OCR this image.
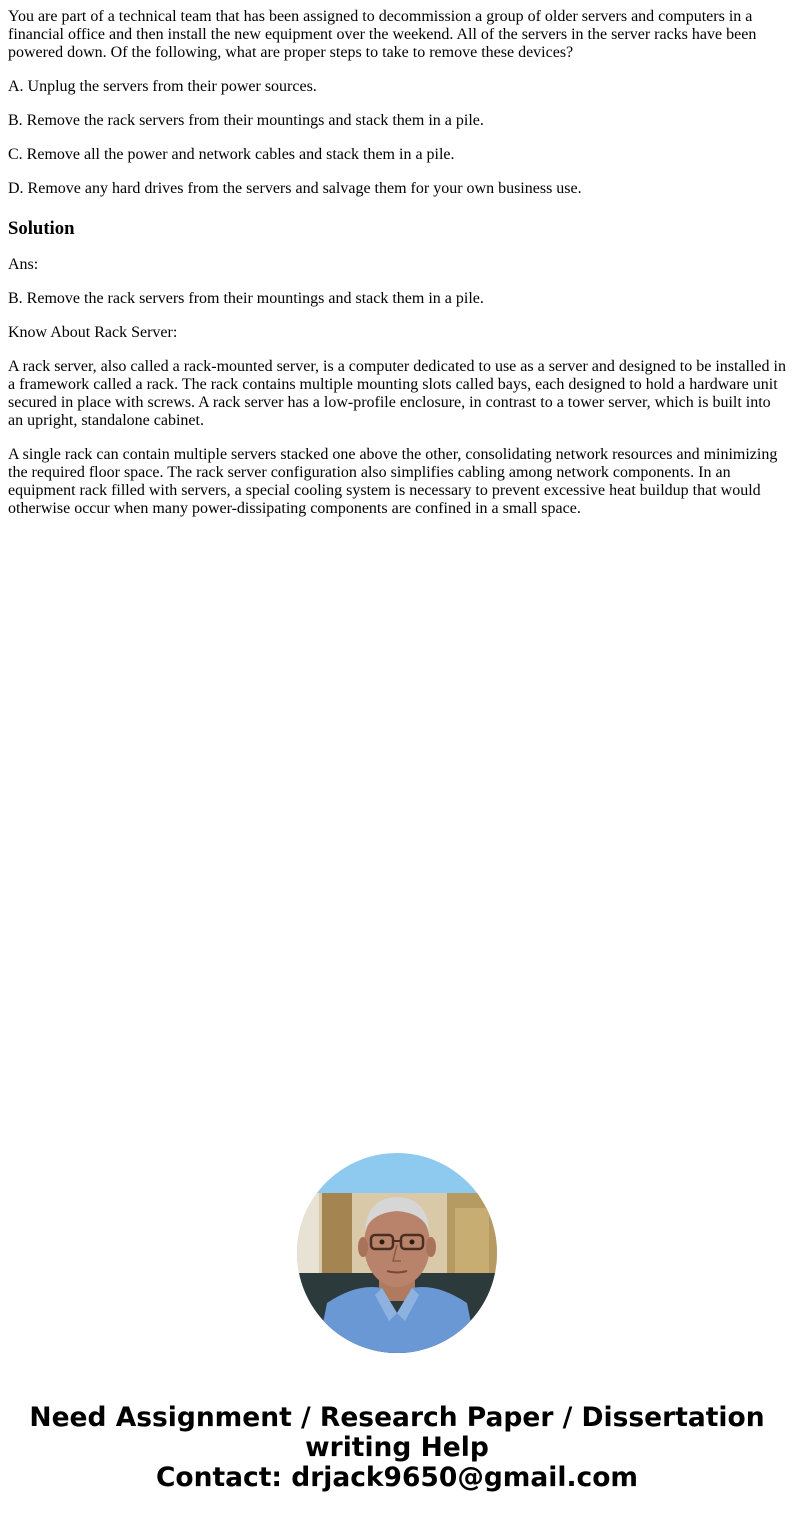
You are part of a technical team that has been assigned to decommission a group of older servers and computers in a financial office and then install the new equipment over the weekend. All of the servers in the server racks have been powered down. Of the following, what are proper steps to take to remove these devices?

A. Unplug the servers from their power sources.

B. Remove the rack servers from their mountings and stack them in a pile.

C. Remove all the power and network cables and stack them in a pile.

D. Remove any hard drives from the servers and salvage them for your own business use.

Solution

Ans:

B. Remove the rack servers from their mountings and stack them in a pile.

Know About Rack Server:

A rack server, also called a rack-mounted server, is a computer dedicated to use as a server and designed to be installed in a framework called a rack. The rack contains multiple mounting slots called bays, each designed to hold a hardware unit secured in place with screws. A rack server has a low-profile enclosure, in contrast to a tower server, which is built into an upright, standalone cabinet.

A single rack can contain multiple servers stacked one above the other, consolidating network resources and minimizing the required floor space. The rack server configuration also simplifies cabling among network components. In an equipment rack filled with servers, a special cooling system is necessary to prevent excessive heat buildup that would otherwise occur when many power-dissipating components are confined in a small space.

Need Assignment / Research Paper / Dissertation
writing Help
Contact: drjack9650@gmail.com
